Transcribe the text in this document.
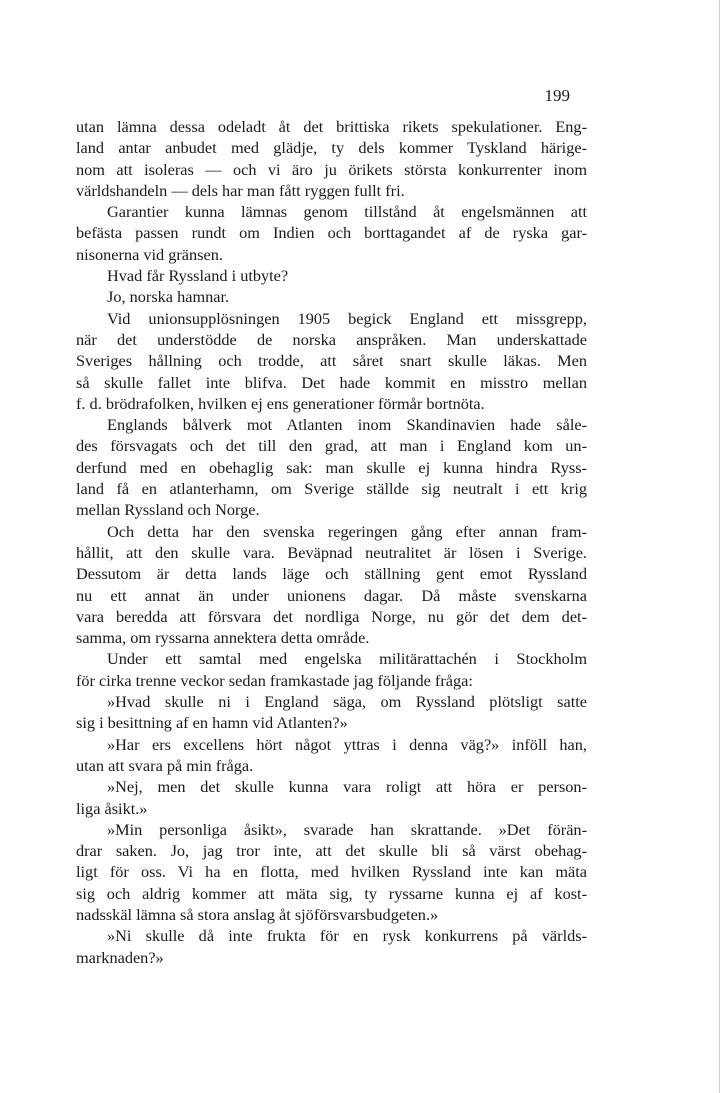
199
utan lämna dessa odeladt åt det brittiska rikets spekulationer. Eng-
land antar anbudet med glädje, ty dels kommer Tyskland härige-
nom att isoleras — och vi äro ju örikets största konkurrenter inom
världshandeln — dels har man fått ryggen fullt fri.
Garantier kunna lämnas genom tillstånd åt engelsmännen att
befästa passen rundt om Indien och borttagandet af de ryska gar-
nisonerna vid gränsen.
Hvad får Ryssland i utbyte?
Jo, norska hamnar.
Vid unionsupplösningen 1905 begick England ett missgrepp,
när det understödde de norska anspråken. Man underskattade
Sveriges hållning och trodde, att såret snart skulle läkas. Men
så skulle fallet inte blifva. Det hade kommit en misstro mellan
f. d. brödrafolken, hvilken ej ens generationer förmår bortnöta.
Englands bålverk mot Atlanten inom Skandinavien hade såle-
des försvagats och det till den grad, att man i England kom un-
derfund med en obehaglig sak: man skulle ej kunna hindra Ryss-
land få en atlanterhamn, om Sverige ställde sig neutralt i ett krig
mellan Ryssland och Norge.
Och detta har den svenska regeringen gång efter annan fram-
hållit, att den skulle vara. Beväpnad neutralitet är lösen i Sverige.
Dessutom är detta lands läge och ställning gent emot Ryssland
nu ett annat än under unionens dagar. Då måste svenskarna
vara beredda att försvara det nordliga Norge, nu gör det dem det-
samma, om ryssarna annektera detta område.
Under ett samtal med engelska militärattachén i Stockholm
för cirka trenne veckor sedan framkastade jag följande fråga:
»Hvad skulle ni i England säga, om Ryssland plötsligt satte
sig i besittning af en hamn vid Atlanten?»
»Har ers excellens hört något yttras i denna väg?» inföll han,
utan att svara på min fråga.
»Nej, men det skulle kunna vara roligt att höra er person-
liga åsikt.»
»Min personliga åsikt», svarade han skrattande. »Det förän-
drar saken. Jo, jag tror inte, att det skulle bli så värst obehag-
ligt för oss. Vi ha en flotta, med hvilken Ryssland inte kan mäta
sig och aldrig kommer att mäta sig, ty ryssarne kunna ej af kost-
nadsskäl lämna så stora anslag åt sjöförsvarsbudgeten.»
»Ni skulle då inte frukta för en rysk konkurrens på världs-
marknaden?»
